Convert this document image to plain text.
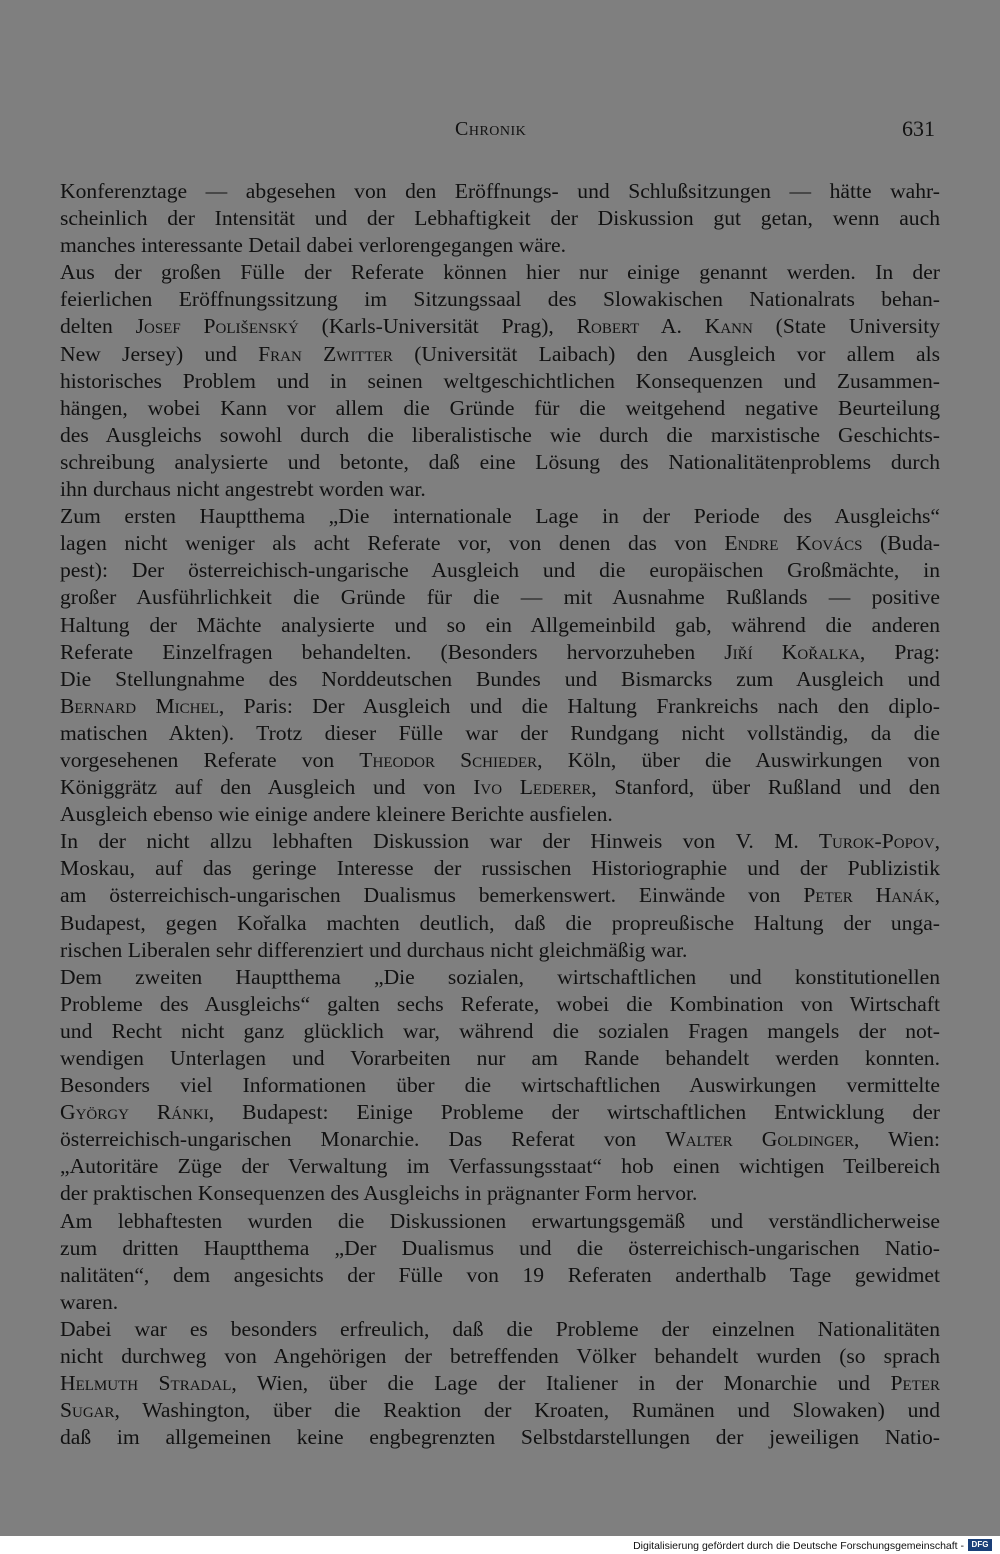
Chronik	631
Konferenztage — abgesehen von den Eröffnungs- und Schlußsitzungen — hätte wahr-
scheinlich der Intensität und der Lebhaftigkeit der Diskussion gut getan, wenn auch
manches interessante Detail dabei verlorengegangen wäre.
Aus der großen Fülle der Referate können hier nur einige genannt werden. In der
feierlichen Eröffnungssitzung im Sitzungssaal des Slowakischen Nationalrats behan-
delten Josef Polišenský (Karls-Universität Prag), Robert A. Kann (State University
New Jersey) und Fran Zwitter (Universität Laibach) den Ausgleich vor allem als
historisches Problem und in seinen weltgeschichtlichen Konsequenzen und Zusammen-
hängen, wobei Kann vor allem die Gründe für die weitgehend negative Beurteilung
des Ausgleichs sowohl durch die liberalistische wie durch die marxistische Geschichts-
schreibung analysierte und betonte, daß eine Lösung des Nationalitätenproblems durch
ihn durchaus nicht angestrebt worden war.
Zum ersten Hauptthema „Die internationale Lage in der Periode des Ausgleichs“
lagen nicht weniger als acht Referate vor, von denen das von Endre Kovács (Buda-
pest): Der österreichisch-ungarische Ausgleich und die europäischen Großmächte, in
großer Ausführlichkeit die Gründe für die — mit Ausnahme Rußlands — positive
Haltung der Mächte analysierte und so ein Allgemeinbild gab, während die anderen
Referate Einzelfragen behandelten. (Besonders hervorzuheben Jiří Kořalka, Prag:
Die Stellungnahme des Norddeutschen Bundes und Bismarcks zum Ausgleich und
Bernard Michel, Paris: Der Ausgleich und die Haltung Frankreichs nach den diplo-
matischen Akten). Trotz dieser Fülle war der Rundgang nicht vollständig, da die
vorgesehenen Referate von Theodor Schieder, Köln, über die Auswirkungen von
Königgrätz auf den Ausgleich und von Ivo Lederer, Stanford, über Rußland und den
Ausgleich ebenso wie einige andere kleinere Berichte ausfielen.
In der nicht allzu lebhaften Diskussion war der Hinweis von V. M. Turok-Popov,
Moskau, auf das geringe Interesse der russischen Historiographie und der Publizistik
am österreichisch-ungarischen Dualismus bemerkenswert. Einwände von Peter Hanák,
Budapest, gegen Kořalka machten deutlich, daß die propreußische Haltung der unga-
rischen Liberalen sehr differenziert und durchaus nicht gleichmäßig war.
Dem zweiten Hauptthema „Die sozialen, wirtschaftlichen und konstitutionellen
Probleme des Ausgleichs“ galten sechs Referate, wobei die Kombination von Wirtschaft
und Recht nicht ganz glücklich war, während die sozialen Fragen mangels der not-
wendigen Unterlagen und Vorarbeiten nur am Rande behandelt werden konnten.
Besonders viel Informationen über die wirtschaftlichen Auswirkungen vermittelte
György Ránki, Budapest: Einige Probleme der wirtschaftlichen Entwicklung der
österreichisch-ungarischen Monarchie. Das Referat von Walter Goldinger, Wien:
„Autoritäre Züge der Verwaltung im Verfassungsstaat“ hob einen wichtigen Teilbereich
der praktischen Konsequenzen des Ausgleichs in prägnanter Form hervor.
Am lebhaftesten wurden die Diskussionen erwartungsgemäß und verständlicherweise
zum dritten Hauptthema „Der Dualismus und die österreichisch-ungarischen Natio-
nalitäten“, dem angesichts der Fülle von 19 Referaten anderthalb Tage gewidmet
waren.
Dabei war es besonders erfreulich, daß die Probleme der einzelnen Nationalitäten
nicht durchweg von Angehörigen der betreffenden Völker behandelt wurden (so sprach
Helmuth Stradal, Wien, über die Lage der Italiener in der Monarchie und Peter
Sugar, Washington, über die Reaktion der Kroaten, Rumänen und Slowaken) und
daß im allgemeinen keine engbegrenzten Selbstdarstellungen der jeweiligen Natio-
Digitalisierung gefördert durch die Deutsche Forschungsgemeinschaft - DFG
